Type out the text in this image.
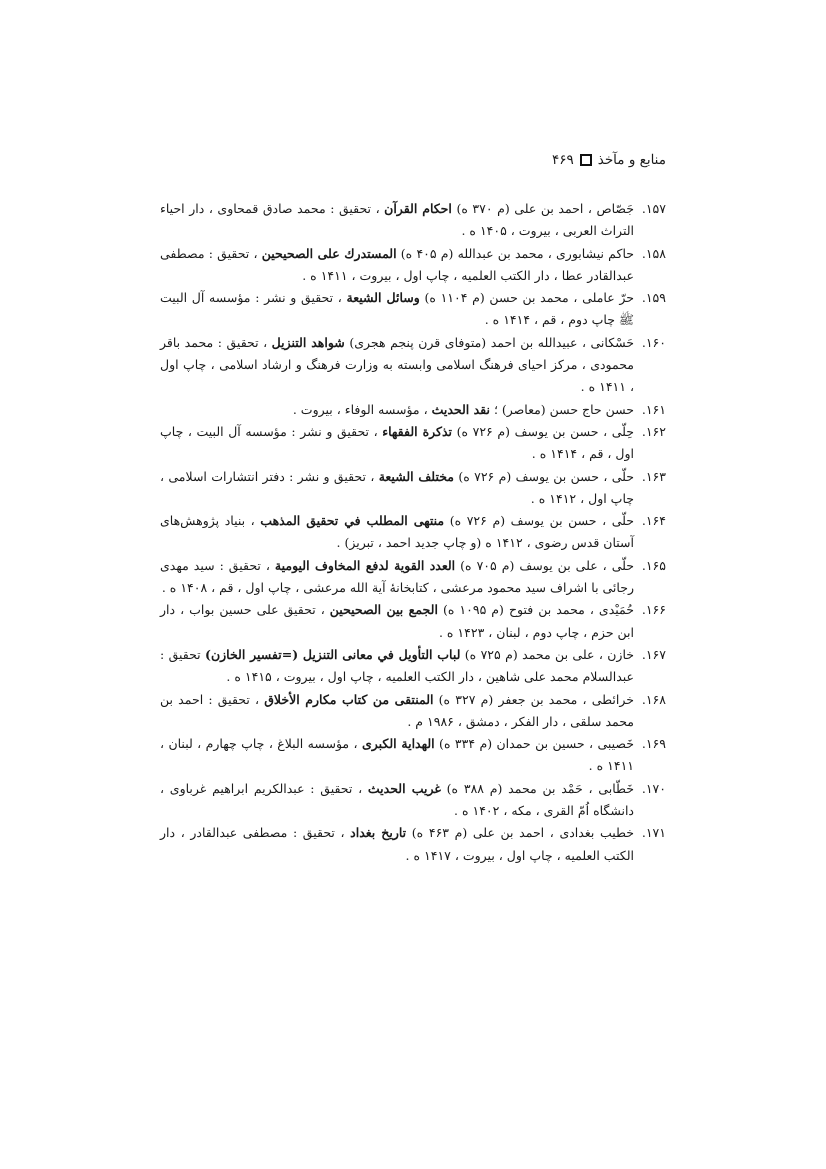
منابع و مآخذ
۴۶۹
۱۵۷.
جَصّاص ، احمد بن على (م ۳۷۰ ه) احكام القرآن ، تحقيق : محمد صادق قمحاوى ، دار احياء التراث العربى ، بيروت ، ۱۴۰۵ ه .
۱۵۸.
حاكم نيشابورى ، محمد بن عبدالله (م ۴۰۵ ه) المستدرك على الصحيحين ، تحقيق : مصطفى عبدالقادر عطا ، دار الكتب العلميه ، چاپ اول ، بيروت ، ۱۴۱۱ ه .
۱۵۹.
حرّ عاملى ، محمد بن حسن (م ۱۱۰۴ ه) وسائل الشيعة ، تحقيق و نشر : مؤسسه آل البيت ﷺ چاپ دوم ، قم ، ۱۴۱۴ ه .
۱۶۰.
حَسْكانى ، عبيدالله بن احمد (متوفاى قرن پنجم هجرى) شواهد التنزيل ، تحقيق : محمد باقر محمودى ، مركز احياى فرهنگ اسلامى وابسته به وزارت فرهنگ و ارشاد اسلامى ، چاپ اول ، ۱۴۱۱ ه .
۱۶۱.
حسن حاج حسن (معاصر) ؛ نقد الحديث ، مؤسسه الوفاء ، بيروت .
۱۶۲.
حِلّى ، حسن بن يوسف (م ۷۲۶ ه) تذكرة الفقهاء ، تحقيق و نشر : مؤسسه آل البيت ، چاپ اول ، قم ، ۱۴۱۴ ه .
۱۶۳.
حلّى ، حسن بن يوسف (م ۷۲۶ ه) مختلف الشيعة ، تحقيق و نشر : دفتر انتشارات اسلامى ، چاپ اول ، ۱۴۱۲ ه .
۱۶۴.
حلّى ، حسن بن يوسف (م ۷۲۶ ه) منتهى المطلب في تحقيق المذهب ، بنياد پژوهش‌هاى آستان قدس رضوى ، ۱۴۱۲ ه (و چاپ جديد احمد ، تبريز) .
۱۶۵.
حلّى ، على بن يوسف (م ۷۰۵ ه) العدد القوية لدفع المخاوف اليومية ، تحقيق : سيد مهدى رجائى با اشراف سيد محمود مرعشى ، كتابخانهٔ آية الله مرعشى ، چاپ اول ، قم ، ۱۴۰۸ ه .
۱۶۶.
حُمَيْدى ، محمد بن فتوح (م ۱۰۹۵ ه) الجمع بين الصحيحين ، تحقيق على حسين بواب ، دار ابن حزم ، چاپ دوم ، لبنان ، ۱۴۲۳ ه .
۱۶۷.
خازن ، على بن محمد (م ۷۲۵ ه) لباب التأويل في معانى التنزيل (=تفسير الخازن) تحقيق : عبدالسلام محمد على شاهين ، دار الكتب العلميه ، چاپ اول ، بيروت ، ۱۴۱۵ ه .
۱۶۸.
خرائطى ، محمد بن جعفر (م ۳۲۷ ه) المنتقى من كتاب مكارم الأخلاق ، تحقيق : احمد بن محمد سلقى ، دار الفكر ، دمشق ، ۱۹۸۶ م .
۱۶۹.
خَصيبى ، حسين بن حمدان (م ۳۳۴ ه) الهداية الكبرى ، مؤسسه البلاغ ، چاپ چهارم ، لبنان ، ۱۴۱۱ ه .
۱۷۰.
خَطّابى ، حَمْد بن محمد (م ۳۸۸ ه) غريب الحديث ، تحقيق : عبدالكريم ابراهيم غرباوى ، دانشگاه اُمّ القرى ، مكه ، ۱۴۰۲ ه .
۱۷۱.
خطيب بغدادى ، احمد بن على (م ۴۶۳ ه) تاريخ بغداد ، تحقيق : مصطفى عبدالقادر ، دار الكتب العلميه ، چاپ اول ، بيروت ، ۱۴۱۷ ه .
